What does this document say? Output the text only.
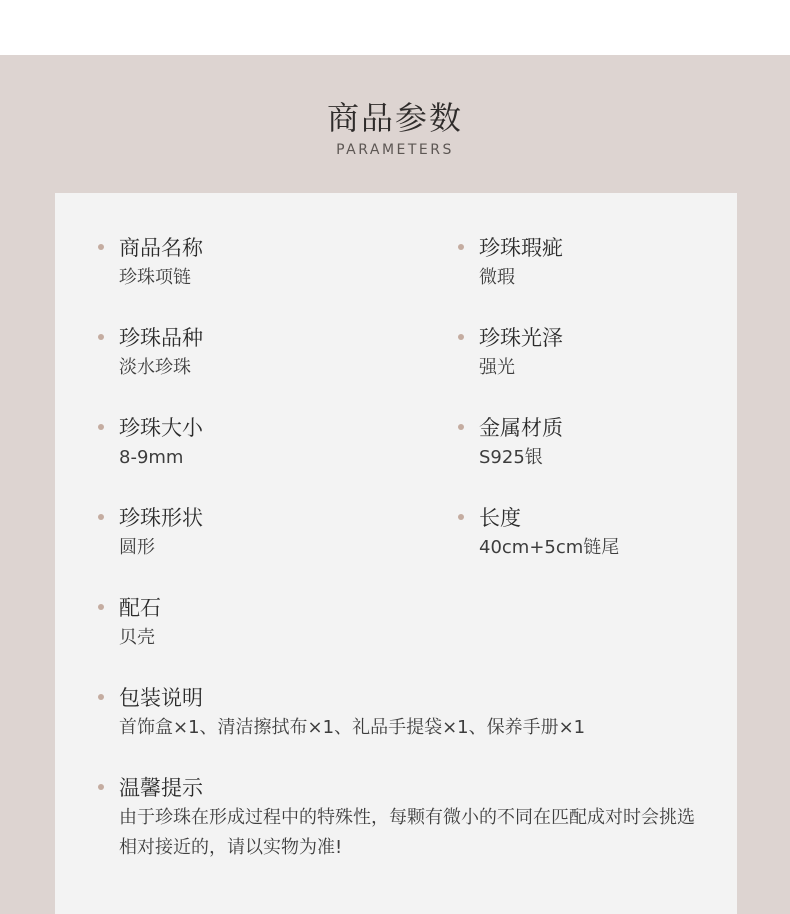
商品参数
PARAMETERS
商品名称
珍珠项链
珍珠瑕疵
微瑕
珍珠品种
淡水珍珠
珍珠光泽
强光
珍珠大小
8-9mm
金属材质
S925银
珍珠形状
圆形
长度
40cm+5cm链尾
配石
贝壳
包装说明
首饰盒×1、清洁擦拭布×1、礼品手提袋×1、保养手册×1
温馨提示
由于珍珠在形成过程中的特殊性，每颗有微小的不同在匹配成对时会挑选相对接近的，请以实物为准!
